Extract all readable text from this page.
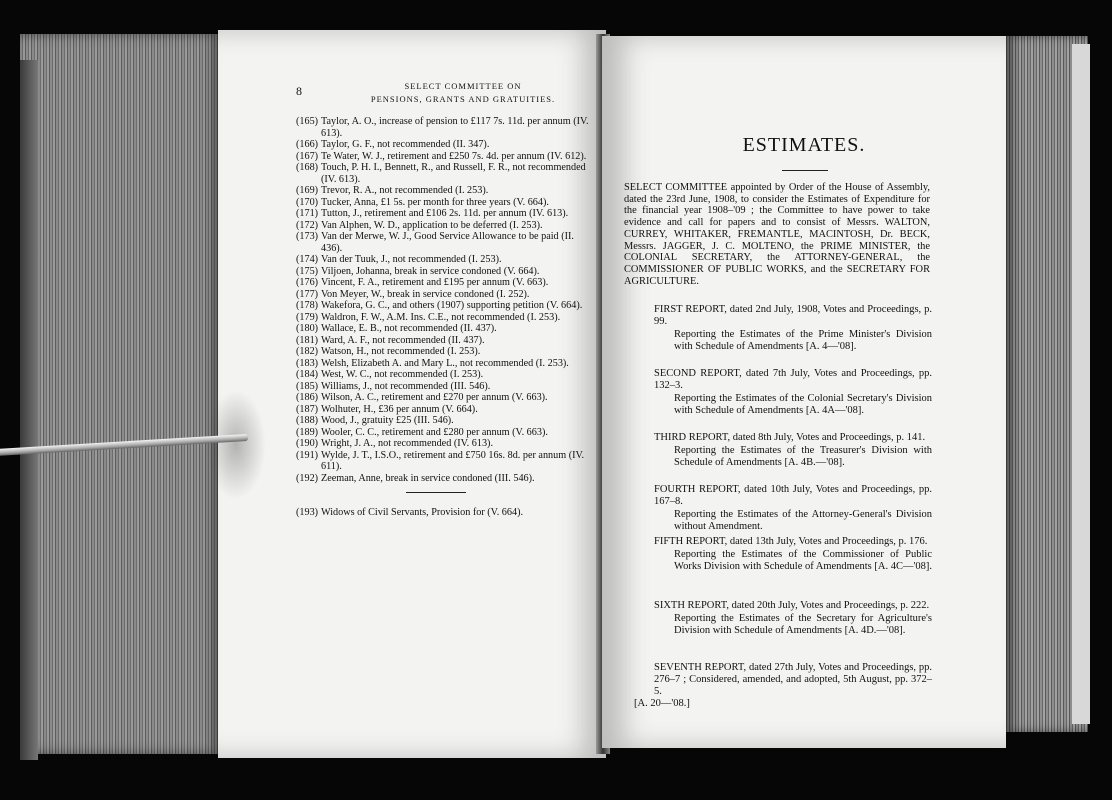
8	SELECT COMMITTEE ON
PENSIONS, GRANTS AND GRATUITIES.
(165) Taylor, A. O., increase of pension to £117 7s. 11d. per annum (IV. 613).
(166) Taylor, G. F., not recommended (II. 347).
(167) Te Water, W. J., retirement and £250 7s. 4d. per annum (IV. 612).
(168) Touch, P. H. I., Bennett, R., and Russell, F. R., not recommended (IV. 613).
(169) Trevor, R. A., not recommended (I. 253).
(170) Tucker, Anna, £1 5s. per month for three years (V. 664).
(171) Tutton, J., retirement and £106 2s. 11d. per annum (IV. 613).
(172) Van Alphen, W. D., application to be deferred (I. 253).
(173) Van der Merwe, W. J., Good Service Allowance to be paid (II. 436).
(174) Van der Tuuk, J., not recommended (I. 253).
(175) Viljoen, Johanna, break in service condoned (V. 664).
(176) Vincent, F. A., retirement and £195 per annum (V. 663).
(177) Von Meyer, W., break in service condoned (I. 252).
(178) Wakefora, G. C., and others (1907) supporting petition (V. 664).
(179) Waldron, F. W., A.M. Ins. C.E., not recommended (I. 253).
(180) Wallace, E. B., not recommended (II. 437).
(181) Ward, A. F., not recommended (II. 437).
(182) Watson, H., not recommended (I. 253).
(183) Welsh, Elizabeth A. and Mary L., not recommended (I. 253).
(184) West, W. C., not recommended (I. 253).
(185) Williams, J., not recommended (III. 546).
(186) Wilson, A. C., retirement and £270 per annum (V. 663).
(187) Wolhuter, H., £36 per annum (V. 664).
(188) Wood, J., gratuity £25 (III. 546).
(189) Wooler, C. C., retirement and £280 per annum (V. 663).
(190) Wright, J. A., not recommended (IV. 613).
(191) Wylde, J. T., I.S.O., retirement and £750 16s. 8d. per annum (IV. 611).
(192) Zeeman, Anne, break in service condoned (III. 546).
(193) Widows of Civil Servants, Provision for (V. 664).
ESTIMATES.
SELECT COMMITTEE appointed by Order of the House of Assembly, dated the 23rd June, 1908, to consider the Estimates of Expenditure for the financial year 1908–'09 ; the Committee to have power to take evidence and call for papers and to consist of Messrs. WALTON, CURREY, WHITAKER, FREMANTLE, MACINTOSH, Dr. BECK, Messrs. JAGGER, J. C. MOLTENO, the PRIME MINISTER, the COLONIAL SECRETARY, the ATTORNEY-GENERAL, the COMMISSIONER OF PUBLIC WORKS, and the SECRETARY FOR AGRICULTURE.
FIRST REPORT, dated 2nd July, 1908, Votes and Proceedings, p. 99.
Reporting the Estimates of the Prime Minister's Division with Schedule of Amendments [A. 4—'08].
SECOND REPORT, dated 7th July, Votes and Proceedings, pp. 132–3.
Reporting the Estimates of the Colonial Secretary's Division with Schedule of Amendments [A. 4A—'08].
THIRD REPORT, dated 8th July, Votes and Proceedings, p. 141.
Reporting the Estimates of the Treasurer's Division with Schedule of Amendments [A. 4B.—'08].
FOURTH REPORT, dated 10th July, Votes and Proceedings, pp. 167–8.
Reporting the Estimates of the Attorney-General's Division without Amendment.
FIFTH REPORT, dated 13th July, Votes and Proceedings, p. 176.
Reporting the Estimates of the Commissioner of Public Works Division with Schedule of Amendments [A. 4C—'08].
SIXTH REPORT, dated 20th July, Votes and Proceedings, p. 222.
Reporting the Estimates of the Secretary for Agriculture's Division with Schedule of Amendments [A. 4D.—'08].
SEVENTH REPORT, dated 27th July, Votes and Proceedings, pp. 276–7 ; Considered, amended, and adopted, 5th August, pp. 372–5.
[A. 20—'08.]
